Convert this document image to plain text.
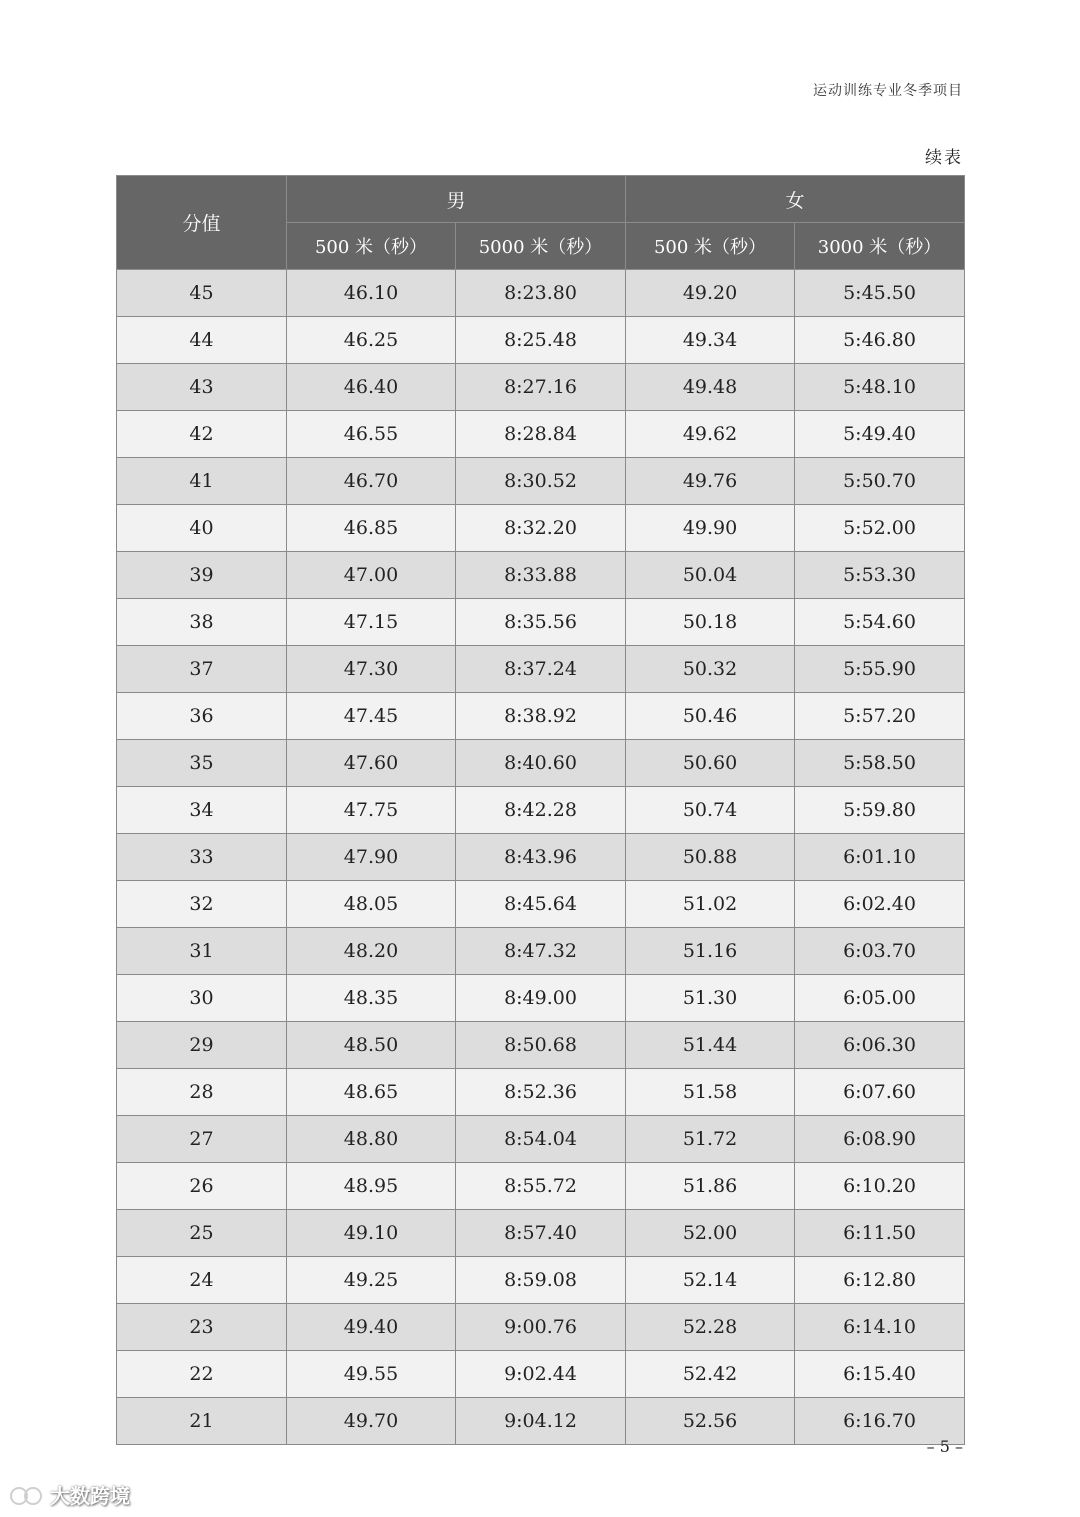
运动训练专业冬季项目
续表
分值	男		女	
	500 米（秒）	5000 米（秒）	500 米（秒）	3000 米（秒）
45	46.10	8:23.80	49.20	5:45.50
44	46.25	8:25.48	49.34	5:46.80
43	46.40	8:27.16	49.48	5:48.10
42	46.55	8:28.84	49.62	5:49.40
41	46.70	8:30.52	49.76	5:50.70
40	46.85	8:32.20	49.90	5:52.00
39	47.00	8:33.88	50.04	5:53.30
38	47.15	8:35.56	50.18	5:54.60
37	47.30	8:37.24	50.32	5:55.90
36	47.45	8:38.92	50.46	5:57.20
35	47.60	8:40.60	50.60	5:58.50
34	47.75	8:42.28	50.74	5:59.80
33	47.90	8:43.96	50.88	6:01.10
32	48.05	8:45.64	51.02	6:02.40
31	48.20	8:47.32	51.16	6:03.70
30	48.35	8:49.00	51.30	6:05.00
29	48.50	8:50.68	51.44	6:06.30
28	48.65	8:52.36	51.58	6:07.60
27	48.80	8:54.04	51.72	6:08.90
26	48.95	8:55.72	51.86	6:10.20
25	49.10	8:57.40	52.00	6:11.50
24	49.25	8:59.08	52.14	6:12.80
23	49.40	9:00.76	52.28	6:14.10
22	49.55	9:02.44	52.42	6:15.40
21	49.70	9:04.12	52.56	6:16.70
– 5 –
大数跨境
